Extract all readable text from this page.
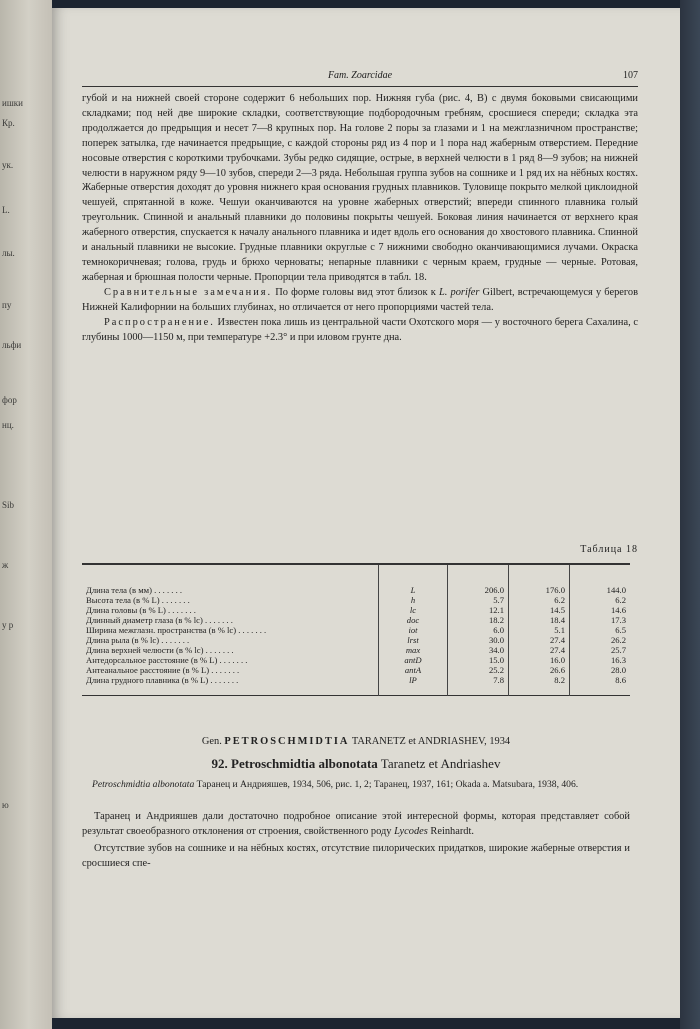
ишки
Кр.
ук.
L.
лы.
пу
льфи
фор
нц.
Sib
ж
у р
ю
Fam. Zoarcidae	107

губой и на нижней своей стороне содержит 6 небольших пор. Нижняя губа (рис. 4, В) с двумя боковыми свисающими складками; под ней две широкие складки, соответствующие подбородочным гребням, сросшиеся спереди; складка эта продолжается до предрыщия и несет 7—8 крупных пор. На голове 2 поры за глазами и 1 на межглазничном пространстве; поперек затылка, где начинается предрыщие, с каждой стороны ряд из 4 пор и 1 пора над жаберным отверстием. Передние носовые отверстия с короткими трубочками. Зубы редко сидящие, острые, в верхней челюсти в 1 ряд 8—9 зубов; на нижней челюсти в наружном ряду 9—10 зубов, спереди 2—3 ряда. Небольшая группа зубов на сошнике и 1 ряд их на нёбных костях. Жаберные отверстия доходят до уровня нижнего края основания грудных плавников. Туловище покрыто мелкой циклоидной чешуей, спрятанной в коже. Чешуи оканчиваются на уровне жаберных отверстий; впереди спинного плавника голый треугольник. Спинной и анальный плавники до половины покрыты чешуей. Боковая линия начинается от верхнего края жаберного отверстия, спускается к началу анального плавника и идет вдоль его основания до хвостового плавника. Спинной и анальный плавники не высокие. Грудные плавники округлые с 7 нижними свободно оканчивающимися лучами. Окраска темнокоричневая; голова, грудь и брюхо черноваты; непарные плавники с черным краем, грудные — черные. Ротовая, жаберная и брюшная полости черные. Пропорции тела приводятся в табл. 18.

Сравнительные замечания. По форме головы вид этот близок к L. porifer Gilbert, встречающемуся у берегов Нижней Калифорнии на больших глубинах, но отличается от него пропорциями частей тела.

Распространение. Известен пока лишь из центральной части Охотского моря — у восточного берега Сахалина, с глубины 1000—1150 м, при температуре +2.3° и при иловом грунте дна.

Таблица 18
Длина тела (в мм) . . . . . . .	L	206.0	176.0	144.0
Высота тела (в % L) . . . . . . .	h	5.7	6.2	6.2
Длина головы (в % L) . . . . . . .	lc	12.1	14.5	14.6
Длинный диаметр глаза (в % lc) . . . . . . .	doc	18.2	18.4	17.3
Ширина межглазн. пространства (в % lc) . . . . . . .	iot	6.0	5.1	6.5
Длина рыла (в % lc) . . . . . . .	lrst	30.0	27.4	26.2
Длина верхней челюсти (в % lc) . . . . . . .	max	34.0	27.4	25.7
Антедорсальное расстояние (в % L) . . . . . . .	antD	15.0	16.0	16.3
Антеанальное расстояние (в % L) . . . . . . .	antA	25.2	26.6	28.0
Длина грудного плавника (в % L) . . . . . . .	lP	7.8	8.2	8.6
Gen. PETROSCHMIDTIA TARANETZ et ANDRIASHEV, 1934
92. Petroschmidtia albonotata Taranetz et Andriashev
Petroschmidtia albonotata Таранец и Андрияшев, 1934, 506, рис. 1, 2; Таранец, 1937, 161; Okada a. Matsubara, 1938, 406.

Таранец и Андрияшев дали достаточно подробное описание этой интересной формы, которая представляет собой результат своеобразного отклонения от строения, свойственного роду Lycodes Reinhardt.

Отсутствие зубов на сошнике и на нёбных костях, отсутствие пилорических придатков, широкие жаберные отверстия и сросшиеся спе-
